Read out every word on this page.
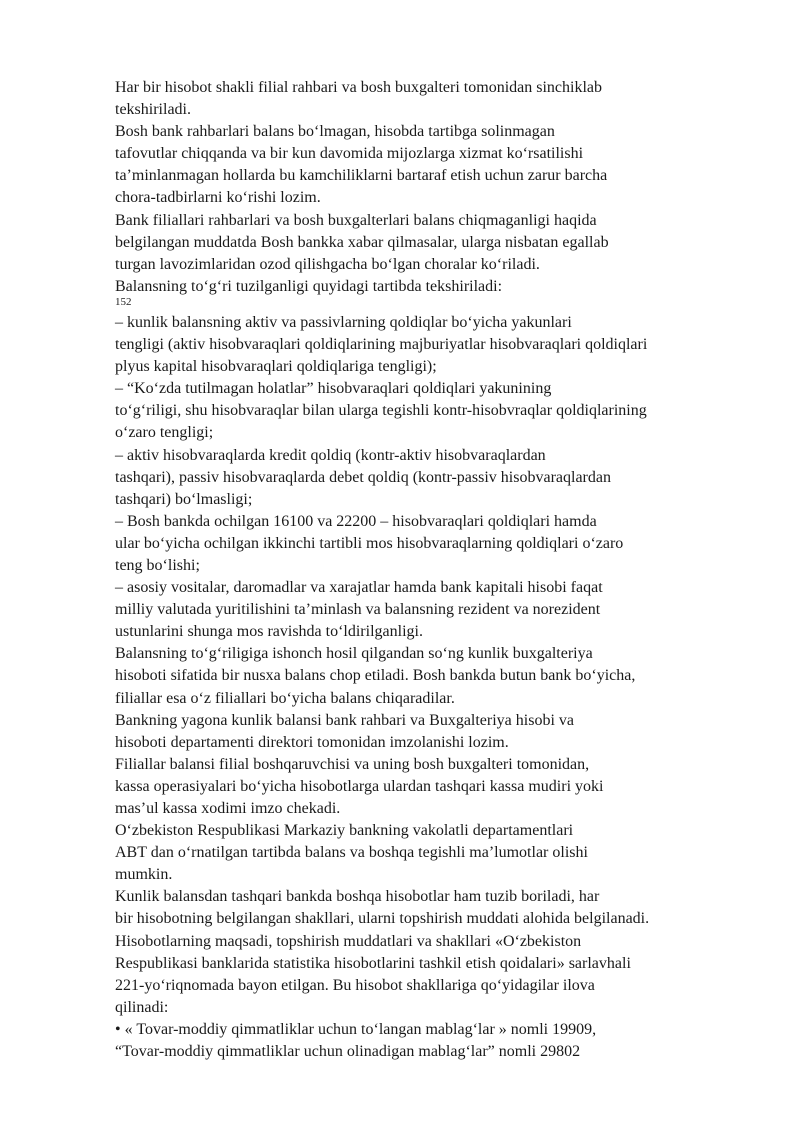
Har bir hisobot shakli filial rahbari va bosh buxgalteri tomonidan sinchiklab
tekshiriladi.
Bosh bank rahbarlari balans bo‘lmagan, hisobda tartibga solinmagan
tafovutlar chiqqanda va bir kun davomida mijozlarga xizmat ko‘rsatilishi
ta’minlanmagan hollarda bu kamchiliklarni bartaraf etish uchun zarur barcha
chora-tadbirlarni ko‘rishi lozim.
Bank filiallari rahbarlari va bosh buxgalterlari balans chiqmaganligi haqida
belgilangan muddatda Bosh bankka xabar qilmasalar, ularga nisbatan egallab
turgan lavozimlaridan ozod qilishgacha bo‘lgan choralar ko‘riladi.
Balansning to‘g‘ri tuzilganligi quyidagi tartibda tekshiriladi:
152
– kunlik balansning aktiv va passivlarning qoldiqlar bo‘yicha yakunlari
tengligi (aktiv hisobvaraqlari qoldiqlarining majburiyatlar hisobvaraqlari qoldiqlari
plyus kapital hisobvaraqlari qoldiqlariga tengligi);
– “Ko‘zda tutilmagan holatlar” hisobvaraqlari qoldiqlari yakunining
to‘g‘riligi, shu hisobvaraqlar bilan ularga tegishli kontr-hisobvraqlar qoldiqlarining
o‘zaro tengligi;
– aktiv hisobvaraqlarda kredit qoldiq (kontr-aktiv hisobvaraqlardan
tashqari), passiv hisobvaraqlarda debet qoldiq (kontr-passiv hisobvaraqlardan
tashqari) bo‘lmasligi;
– Bosh bankda ochilgan 16100 va 22200 – hisobvaraqlari qoldiqlari hamda
ular bo‘yicha ochilgan ikkinchi tartibli mos hisobvaraqlarning qoldiqlari o‘zaro
teng bo‘lishi;
– asosiy vositalar, daromadlar va xarajatlar hamda bank kapitali hisobi faqat
milliy valutada yuritilishini ta’minlash va balansning rezident va norezident
ustunlarini shunga mos ravishda to‘ldirilganligi.
Balansning to‘g‘riligiga ishonch hosil qilgandan so‘ng kunlik buxgalteriya
hisoboti sifatida bir nusxa balans chop etiladi. Bosh bankda butun bank bo‘yicha,
filiallar esa o‘z filiallari bo‘yicha balans chiqaradilar.
Bankning yagona kunlik balansi bank rahbari va Buxgalteriya hisobi va
hisoboti departamenti direktori tomonidan imzolanishi lozim.
Filiallar balansi filial boshqaruvchisi va uning bosh buxgalteri tomonidan,
kassa operasiyalari bo‘yicha hisobotlarga ulardan tashqari kassa mudiri yoki
mas’ul kassa xodimi imzo chekadi.
O‘zbekiston Respublikasi Markaziy bankning vakolatli departamentlari
ABT dan o‘rnatilgan tartibda balans va boshqa tegishli ma’lumotlar olishi
mumkin.
Kunlik balansdan tashqari bankda boshqa hisobotlar ham tuzib boriladi, har
bir hisobotning belgilangan shakllari, ularni topshirish muddati alohida belgilanadi.
Hisobotlarning maqsadi, topshirish muddatlari va shakllari «O‘zbekiston
Respublikasi banklarida statistika hisobotlarini tashkil etish qoidalari» sarlavhali
221-yo‘riqnomada bayon etilgan. Bu hisobot shakllariga qo‘yidagilar ilova
qilinadi:
• « Tovar-moddiy qimmatliklar uchun to‘langan mablag‘lar » nomli 19909,
“Tovar-moddiy qimmatliklar uchun olinadigan mablag‘lar” nomli 29802
